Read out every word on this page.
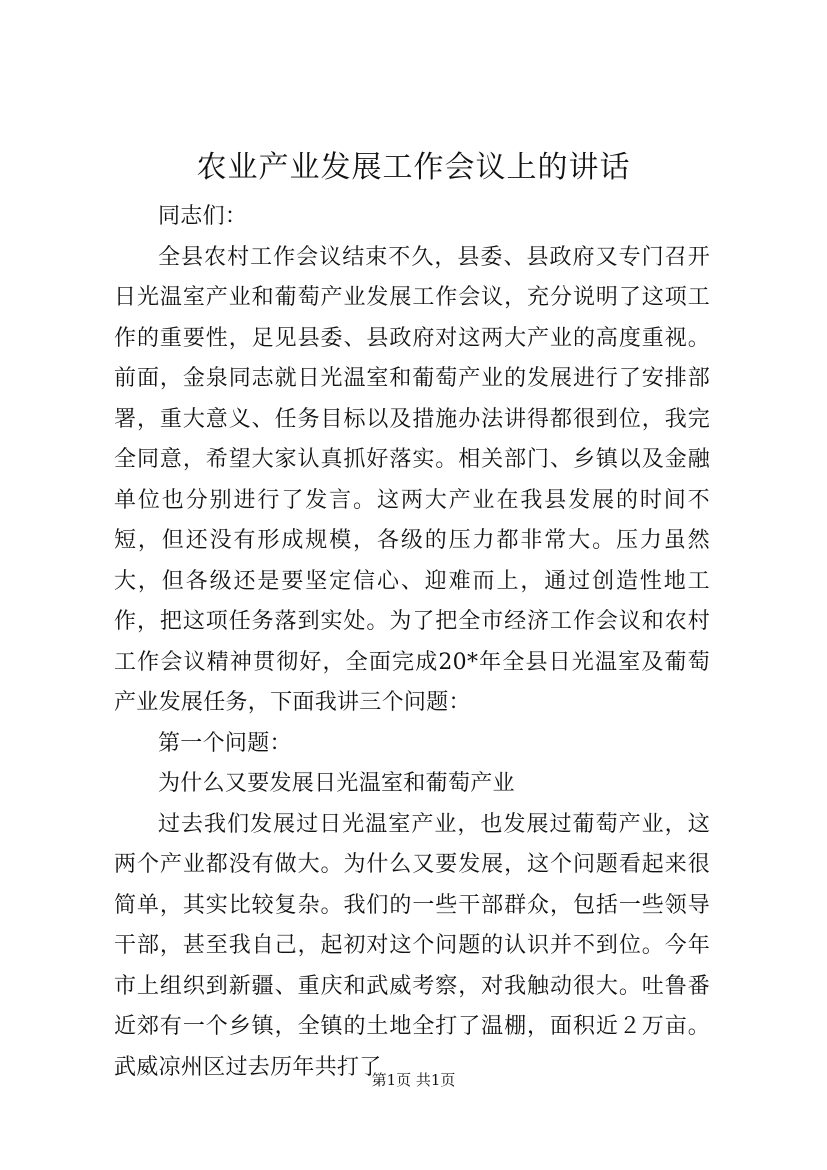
农业产业发展工作会议上的讲话

同志们：

全县农村工作会议结束不久，县委、县政府又专门召开日光温室产业和葡萄产业发展工作会议，充分说明了这项工作的重要性，足见县委、县政府对这两大产业的高度重视。前面，金泉同志就日光温室和葡萄产业的发展进行了安排部署，重大意义、任务目标以及措施办法讲得都很到位，我完全同意，希望大家认真抓好落实。相关部门、乡镇以及金融单位也分别进行了发言。这两大产业在我县发展的时间不短，但还没有形成规模，各级的压力都非常大。压力虽然大，但各级还是要坚定信心、迎难而上，通过创造性地工作，把这项任务落到实处。为了把全市经济工作会议和农村工作会议精神贯彻好，全面完成20*年全县日光温室及葡萄产业发展任务，下面我讲三个问题：

第一个问题：

为什么又要发展日光温室和葡萄产业

过去我们发展过日光温室产业，也发展过葡萄产业，这两个产业都没有做大。为什么又要发展，这个问题看起来很简单，其实比较复杂。我们的一些干部群众，包括一些领导干部，甚至我自己，起初对这个问题的认识并不到位。今年市上组织到新疆、重庆和武威考察，对我触动很大。吐鲁番近郊有一个乡镇，全镇的土地全打了温棚，面积近２万亩。武威凉州区过去历年共打了

第1页 共1页
